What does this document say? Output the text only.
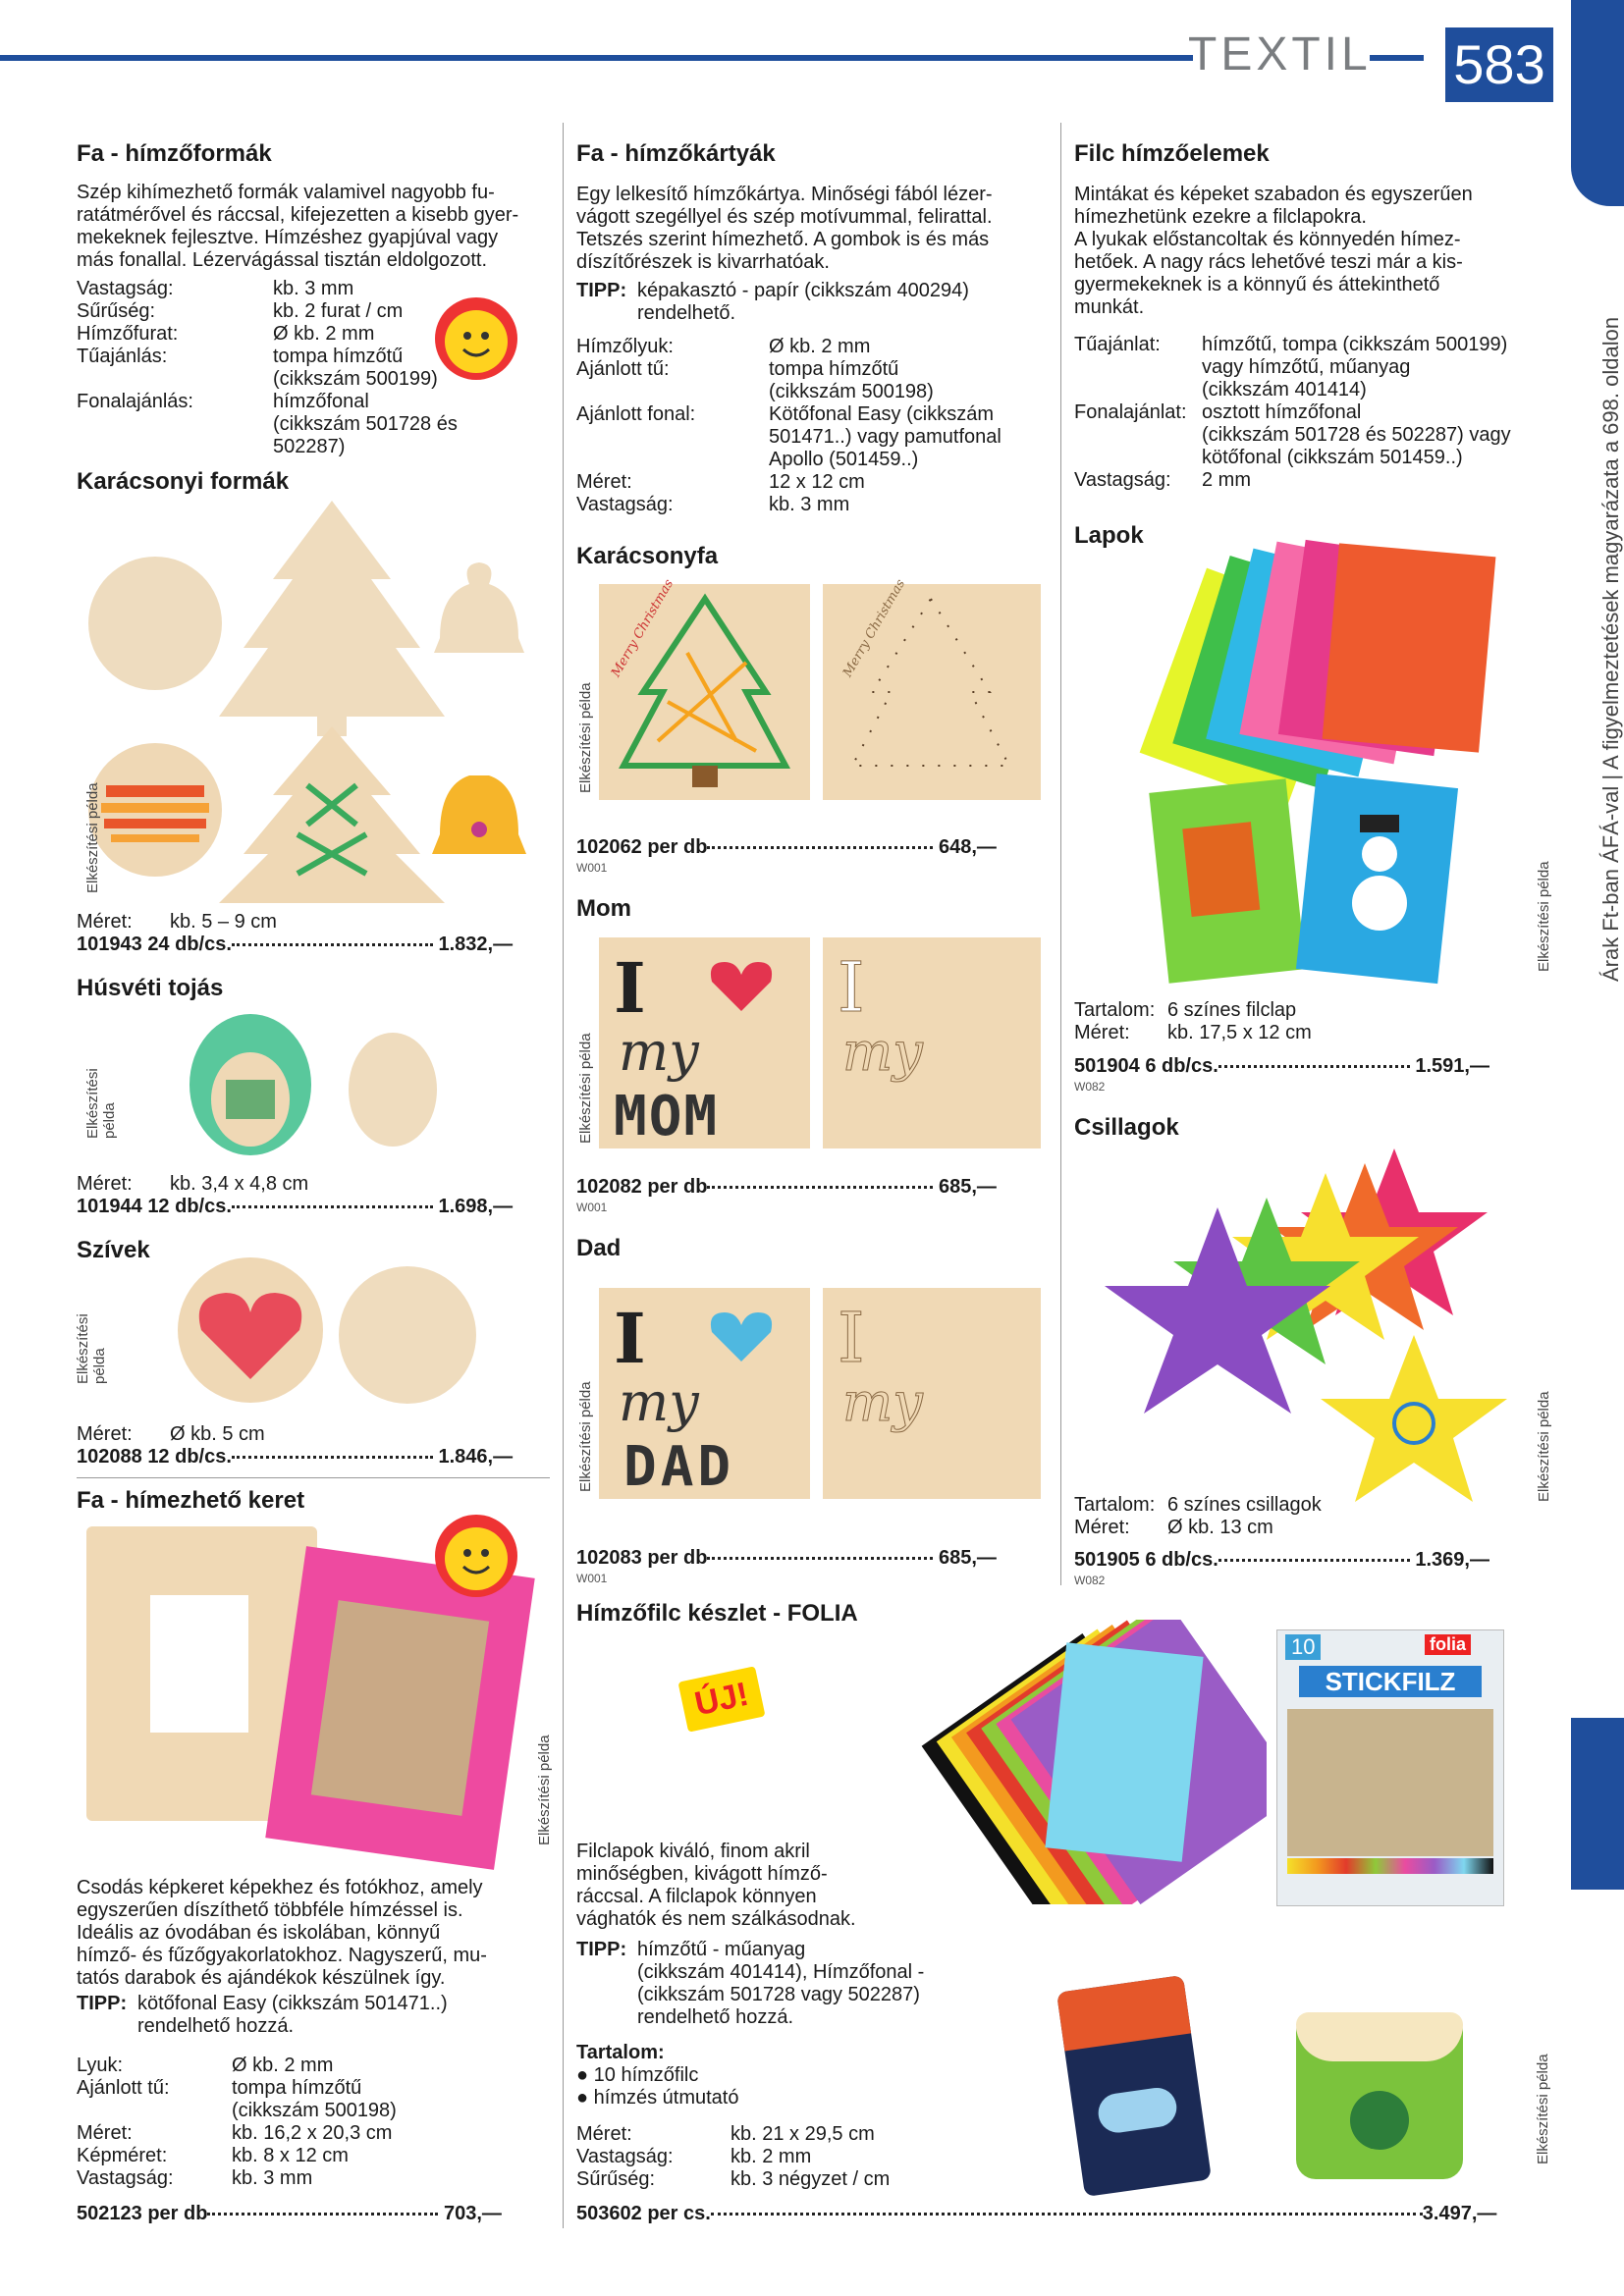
TEXTIL 583
Árak Ft-ban ÁFÁ-val | A figyelmeztetések magyarázata a 698. oldalon
Fa - hímzőformák
Szép kihímezhető formák valamivel nagyobb fu-
ratátmérővel és ráccsal, kifejezetten a kisebb gyer-
mekeknek fejlesztve. Hímzéshez gyapjúval vagy
más fonallal. Lézervágással tisztán eldolgozott.
Vastagság:	kb. 3 mm
Sűrűség:	kb. 2 furat / cm
Hímzőfurat:	Ø kb. 2 mm
Tűajánlás:	tompa hímzőtű
(cikkszám 500199)
Fonalajánlás:	hímzőfonal
(cikkszám 501728 és
502287)
Karácsonyi formák
Elkészítési példa
Méret: kb. 5 – 9 cm
101943 24 db/cs.	1.832,—
Húsvéti tojás
Elkészítési
példa
Méret: kb. 3,4 x 4,8 cm
101944 12 db/cs.	1.698,—
Szívek
Elkészítési
példa
Méret: Ø kb. 5 cm
102088 12 db/cs.	1.846,—
Fa - hímezhető keret
Elkészítési példa
Csodás képkeret képekhez és fotókhoz, amely
egyszerűen díszíthető többféle hímzéssel is.
Ideális az óvodában és iskolában, könnyű
hímző- és fűzőgyakorlatokhoz. Nagyszerű, mu-
tatós darabok és ajándékok készülnek így.
TIPP: kötőfonal Easy (cikkszám 501471..)
rendelhető hozzá.
Lyuk:	Ø kb. 2 mm
Ajánlott tű:	tompa hímzőtű
(cikkszám 500198)
Méret:	kb. 16,2 x 20,3 cm
Képméret:	kb. 8 x 12 cm
Vastagság:	kb. 3 mm
502123 per db	703,—
Fa - hímzőkártyák
Egy lelkesítő hímzőkártya. Minőségi fából lézer-
vágott szegéllyel és szép motívummal, felirattal.
Tetszés szerint hímezhető. A gombok is és más
díszítőrészek is kivarrhatóak.
TIPP: képakasztó - papír (cikkszám 400294)
rendelhető.
Hímzőlyuk:	Ø kb. 2 mm
Ajánlott tű:	tompa hímzőtű
(cikkszám 500198)
Ajánlott fonal:	Kötőfonal Easy (cikkszám
501471..) vagy pamutfonal
Apollo (501459..)
Méret:	12 x 12 cm
Vastagság:	kb. 3 mm
Karácsonyfa
Merry Christmas	Merry Christmas
Elkészítési példa
102062 per db	648,—
W001
Mom
I
my
MOM
I
my
Elkészítési példa
102082 per db	685,—
W001
Dad
I
my
DAD
I
my
Elkészítési példa
102083 per db	685,—
W001
Hímzőfilc készlet - FOLIA
ÚJ!
10	folia
STICKFILZ
Filclapok kiváló, finom akril
minőségben, kivágott hímző-
ráccsal. A filclapok könnyen
vághatók és nem szálkásodnak.
TIPP: hímzőtű - műanyag
(cikkszám 401414), Hímzőfonal -
(cikkszám 501728 vagy 502287)
rendelhető hozzá.
Tartalom:
● 10 hímzőfilc
● hímzés útmutató
Méret:	kb. 21 x 29,5 cm
Vastagság:	kb. 2 mm
Sűrűség:	kb. 3 négyzet / cm
Elkészítési példa
503602 per cs.	3.497,—
Filc hímzőelemek
Mintákat és képeket szabadon és egyszerűen
hímezhetünk ezekre a filclapokra.
A lyukak előstancoltak és könnyedén hímez-
hetőek. A nagy rács lehetővé teszi már a kis-
gyermekeknek is a könnyű és áttekinthető
munkát.
Tűajánlat: hímzőtű, tompa (cikkszám 500199)
vagy hímzőtű, műanyag
(cikkszám 401414)
Fonalajánlat: osztott hímzőfonal
(cikkszám 501728 és 502287) vagy
kötőfonal (cikkszám 501459..)
Vastagság: 2 mm
Lapok
Elkészítési példa
Tartalom: 6 színes filclap
Méret: kb. 17,5 x 12 cm
501904 6 db/cs.	1.591,—
W082
Csillagok
Elkészítési példa
Tartalom: 6 színes csillagok
Méret: Ø kb. 13 cm
501905 6 db/cs.	1.369,—
W082
